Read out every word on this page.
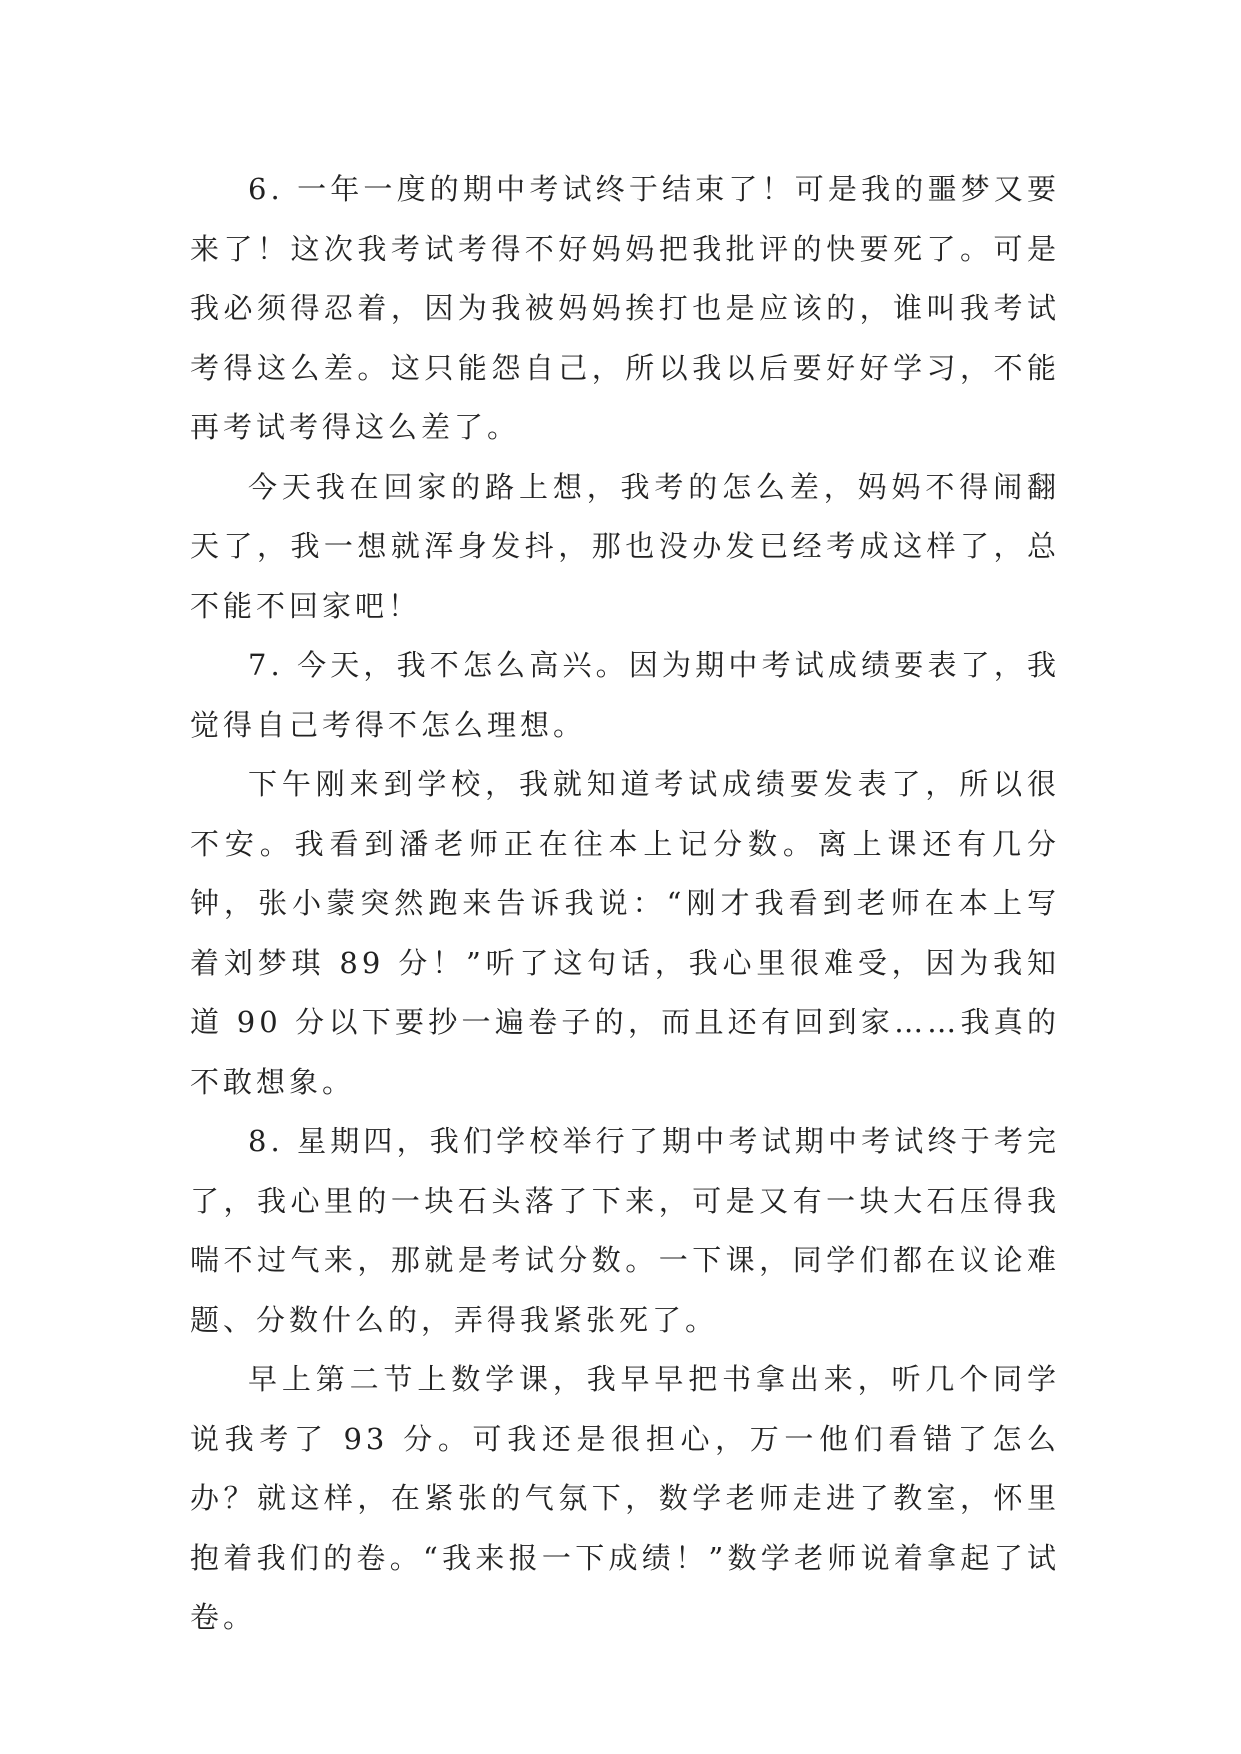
6. 一年一度的期中考试终于结束了！可是我的噩梦又要来了！这次我考试考得不好妈妈把我批评的快要死了。可是我必须得忍着，因为我被妈妈挨打也是应该的，谁叫我考试考得这么差。这只能怨自己，所以我以后要好好学习，不能再考试考得这么差了。

今天我在回家的路上想，我考的怎么差，妈妈不得闹翻天了，我一想就浑身发抖，那也没办发已经考成这样了，总不能不回家吧！

7. 今天，我不怎么高兴。因为期中考试成绩要表了，我觉得自己考得不怎么理想。

下午刚来到学校，我就知道考试成绩要发表了，所以很不安。我看到潘老师正在往本上记分数。离上课还有几分钟，张小蒙突然跑来告诉我说：“刚才我看到老师在本上写着刘梦琪 89 分！”听了这句话，我心里很难受，因为我知道 90 分以下要抄一遍卷子的，而且还有回到家……我真的不敢想象。

8. 星期四，我们学校举行了期中考试期中考试终于考完了，我心里的一块石头落了下来，可是又有一块大石压得我喘不过气来，那就是考试分数。一下课，同学们都在议论难题、分数什么的，弄得我紧张死了。

早上第二节上数学课，我早早把书拿出来，听几个同学说我考了 93 分。可我还是很担心，万一他们看错了怎么办？就这样，在紧张的气氛下，数学老师走进了教室，怀里抱着我们的卷。“我来报一下成绩！”数学老师说着拿起了试卷。
